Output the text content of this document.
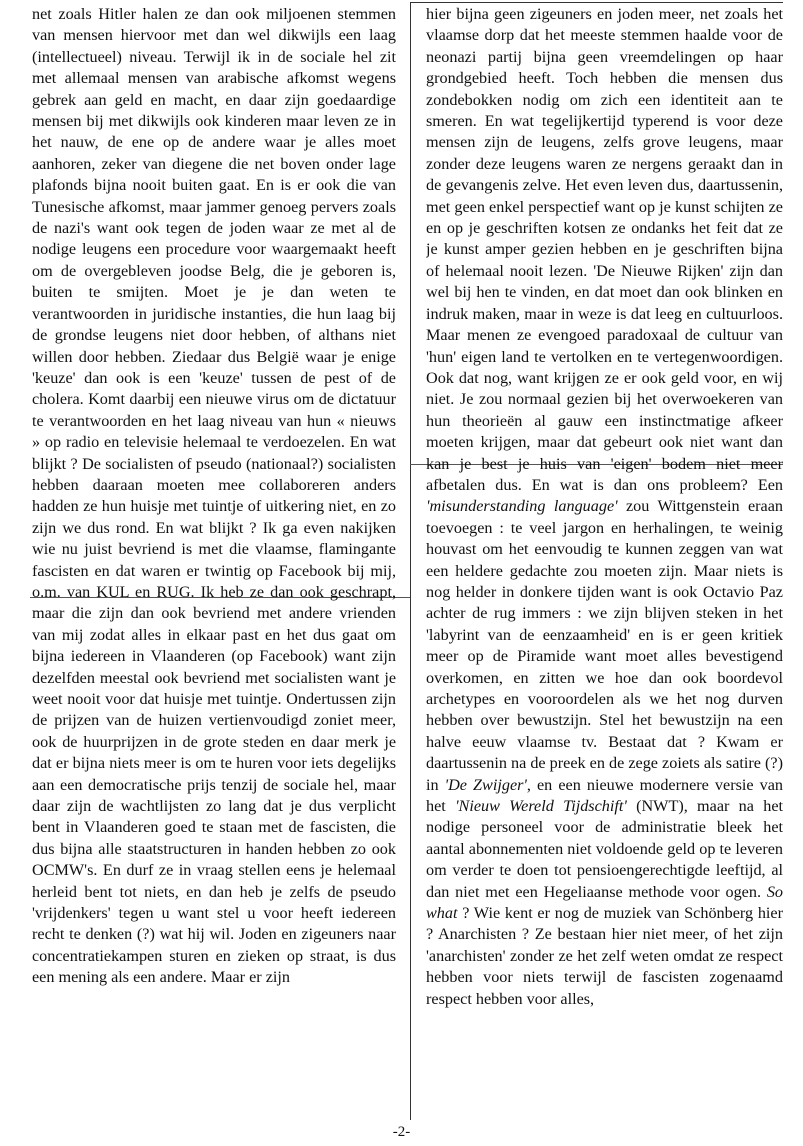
net zoals Hitler halen ze dan ook miljoenen stemmen van mensen hiervoor met dan wel dikwijls een laag (intellectueel) niveau. Terwijl ik in de sociale hel zit met allemaal mensen van arabische afkomst wegens gebrek aan geld en macht, en daar zijn goedaardige mensen bij met dikwijls ook kinderen maar leven ze in het nauw, de ene op de andere waar je alles moet aanhoren, zeker van diegene die net boven onder lage plafonds bijna nooit buiten gaat. En is er ook die van Tunesische afkomst, maar jammer genoeg pervers zoals de nazi's want ook tegen de joden waar ze met al de nodige leugens een procedure voor waargemaakt heeft om de overgebleven joodse Belg, die je geboren is, buiten te smijten. Moet je je dan weten te verantwoorden in juridische instanties, die hun laag bij de grondse leugens niet door hebben, of althans niet willen door hebben. Ziedaar dus België waar je enige 'keuze' dan ook is een 'keuze' tussen de pest of de cholera. Komt daarbij een nieuwe virus om de dictatuur te verantwoorden en het laag niveau van hun « nieuws » op radio en televisie helemaal te verdoezelen. En wat blijkt ? De socialisten of pseudo (nationaal?) socialisten hebben daaraan moeten mee collaboreren anders hadden ze hun huisje met tuintje of uitkering niet, en zo zijn we dus rond. En wat blijkt ? Ik ga even nakijken wie nu juist bevriend is met die vlaamse, flamingante fascisten en dat waren er twintig op Facebook bij mij, o.m. van KUL en RUG. Ik heb ze dan ook geschrapt, maar die zijn dan ook bevriend met andere vrienden van mij zodat alles in elkaar past en het dus gaat om bijna iedereen in Vlaanderen (op Facebook) want zijn dezelfden meestal ook bevriend met socialisten want je weet nooit voor dat huisje met tuintje. Ondertussen zijn de prijzen van de huizen vertienvoudigd zoniet meer, ook de huurprijzen in de grote steden en daar merk je dat er bijna niets meer is om te huren voor iets degelijks aan een democratische prijs tenzij de sociale hel, maar daar zijn de wachtlijsten zo lang dat je dus verplicht bent in Vlaanderen goed te staan met de fascisten, die dus bijna alle staatstructuren in handen hebben zo ook OCMW's. En durf ze in vraag stellen eens je helemaal herleid bent tot niets, en dan heb je zelfs de pseudo 'vrijdenkers' tegen u want stel u voor heeft iedereen recht te denken (?) wat hij wil. Joden en zigeuners naar concentratiekampen sturen en zieken op straat, is dus een mening als een andere. Maar er zijn

hier bijna geen zigeuners en joden meer, net zoals het vlaamse dorp dat het meeste stemmen haalde voor de neonazi partij bijna geen vreemdelingen op haar grondgebied heeft. Toch hebben die mensen dus zondebokken nodig om zich een identiteit aan te smeren. En wat tegelijkertijd typerend is voor deze mensen zijn de leugens, zelfs grove leugens, maar zonder deze leugens waren ze nergens geraakt dan in de gevangenis zelve. Het even leven dus, daartussenin, met geen enkel perspectief want op je kunst schijten ze en op je geschriften kotsen ze ondanks het feit dat ze je kunst amper gezien hebben en je geschriften bijna of helemaal nooit lezen. 'De Nieuwe Rijken' zijn dan wel bij hen te vinden, en dat moet dan ook blinken en indruk maken, maar in weze is dat leeg en cultuurloos. Maar menen ze evengoed paradoxaal de cultuur van 'hun' eigen land te vertolken en te vertegenwoordigen. Ook dat nog, want krijgen ze er ook geld voor, en wij niet. Je zou normaal gezien bij het overwoekeren van hun theorieën al gauw een instinctmatige afkeer moeten krijgen, maar dat gebeurt ook niet want dan kan je best je huis van 'eigen' bodem niet meer afbetalen dus. En wat is dan ons probleem? Een 'misunderstanding language' zou Wittgenstein eraan toevoegen : te veel jargon en herhalingen, te weinig houvast om het eenvoudig te kunnen zeggen van wat een heldere gedachte zou moeten zijn. Maar niets is nog helder in donkere tijden want is ook Octavio Paz achter de rug immers : we zijn blijven steken in het 'labyrint van de eenzaamheid' en is er geen kritiek meer op de Piramide want moet alles bevestigend overkomen, en zitten we hoe dan ook boordevol archetypes en vooroordelen als we het nog durven hebben over bewustzijn. Stel het bewustzijn na een halve eeuw vlaamse tv. Bestaat dat ? Kwam er daartussenin na de preek en de zege zoiets als satire (?) in 'De Zwijger', en een nieuwe modernere versie van het 'Nieuw Wereld Tijdschift' (NWT), maar na het nodige personeel voor de administratie bleek het aantal abonnementen niet voldoende geld op te leveren om verder te doen tot pensioengerechtigde leeftijd, al dan niet met een Hegeliaanse methode voor ogen. So what ? Wie kent er nog de muziek van Schönberg hier ? Anarchisten ? Ze bestaan hier niet meer, of het zijn 'anarchisten' zonder ze het zelf weten omdat ze respect hebben voor niets terwijl de fascisten zogenaamd respect hebben voor alles,

-2-
